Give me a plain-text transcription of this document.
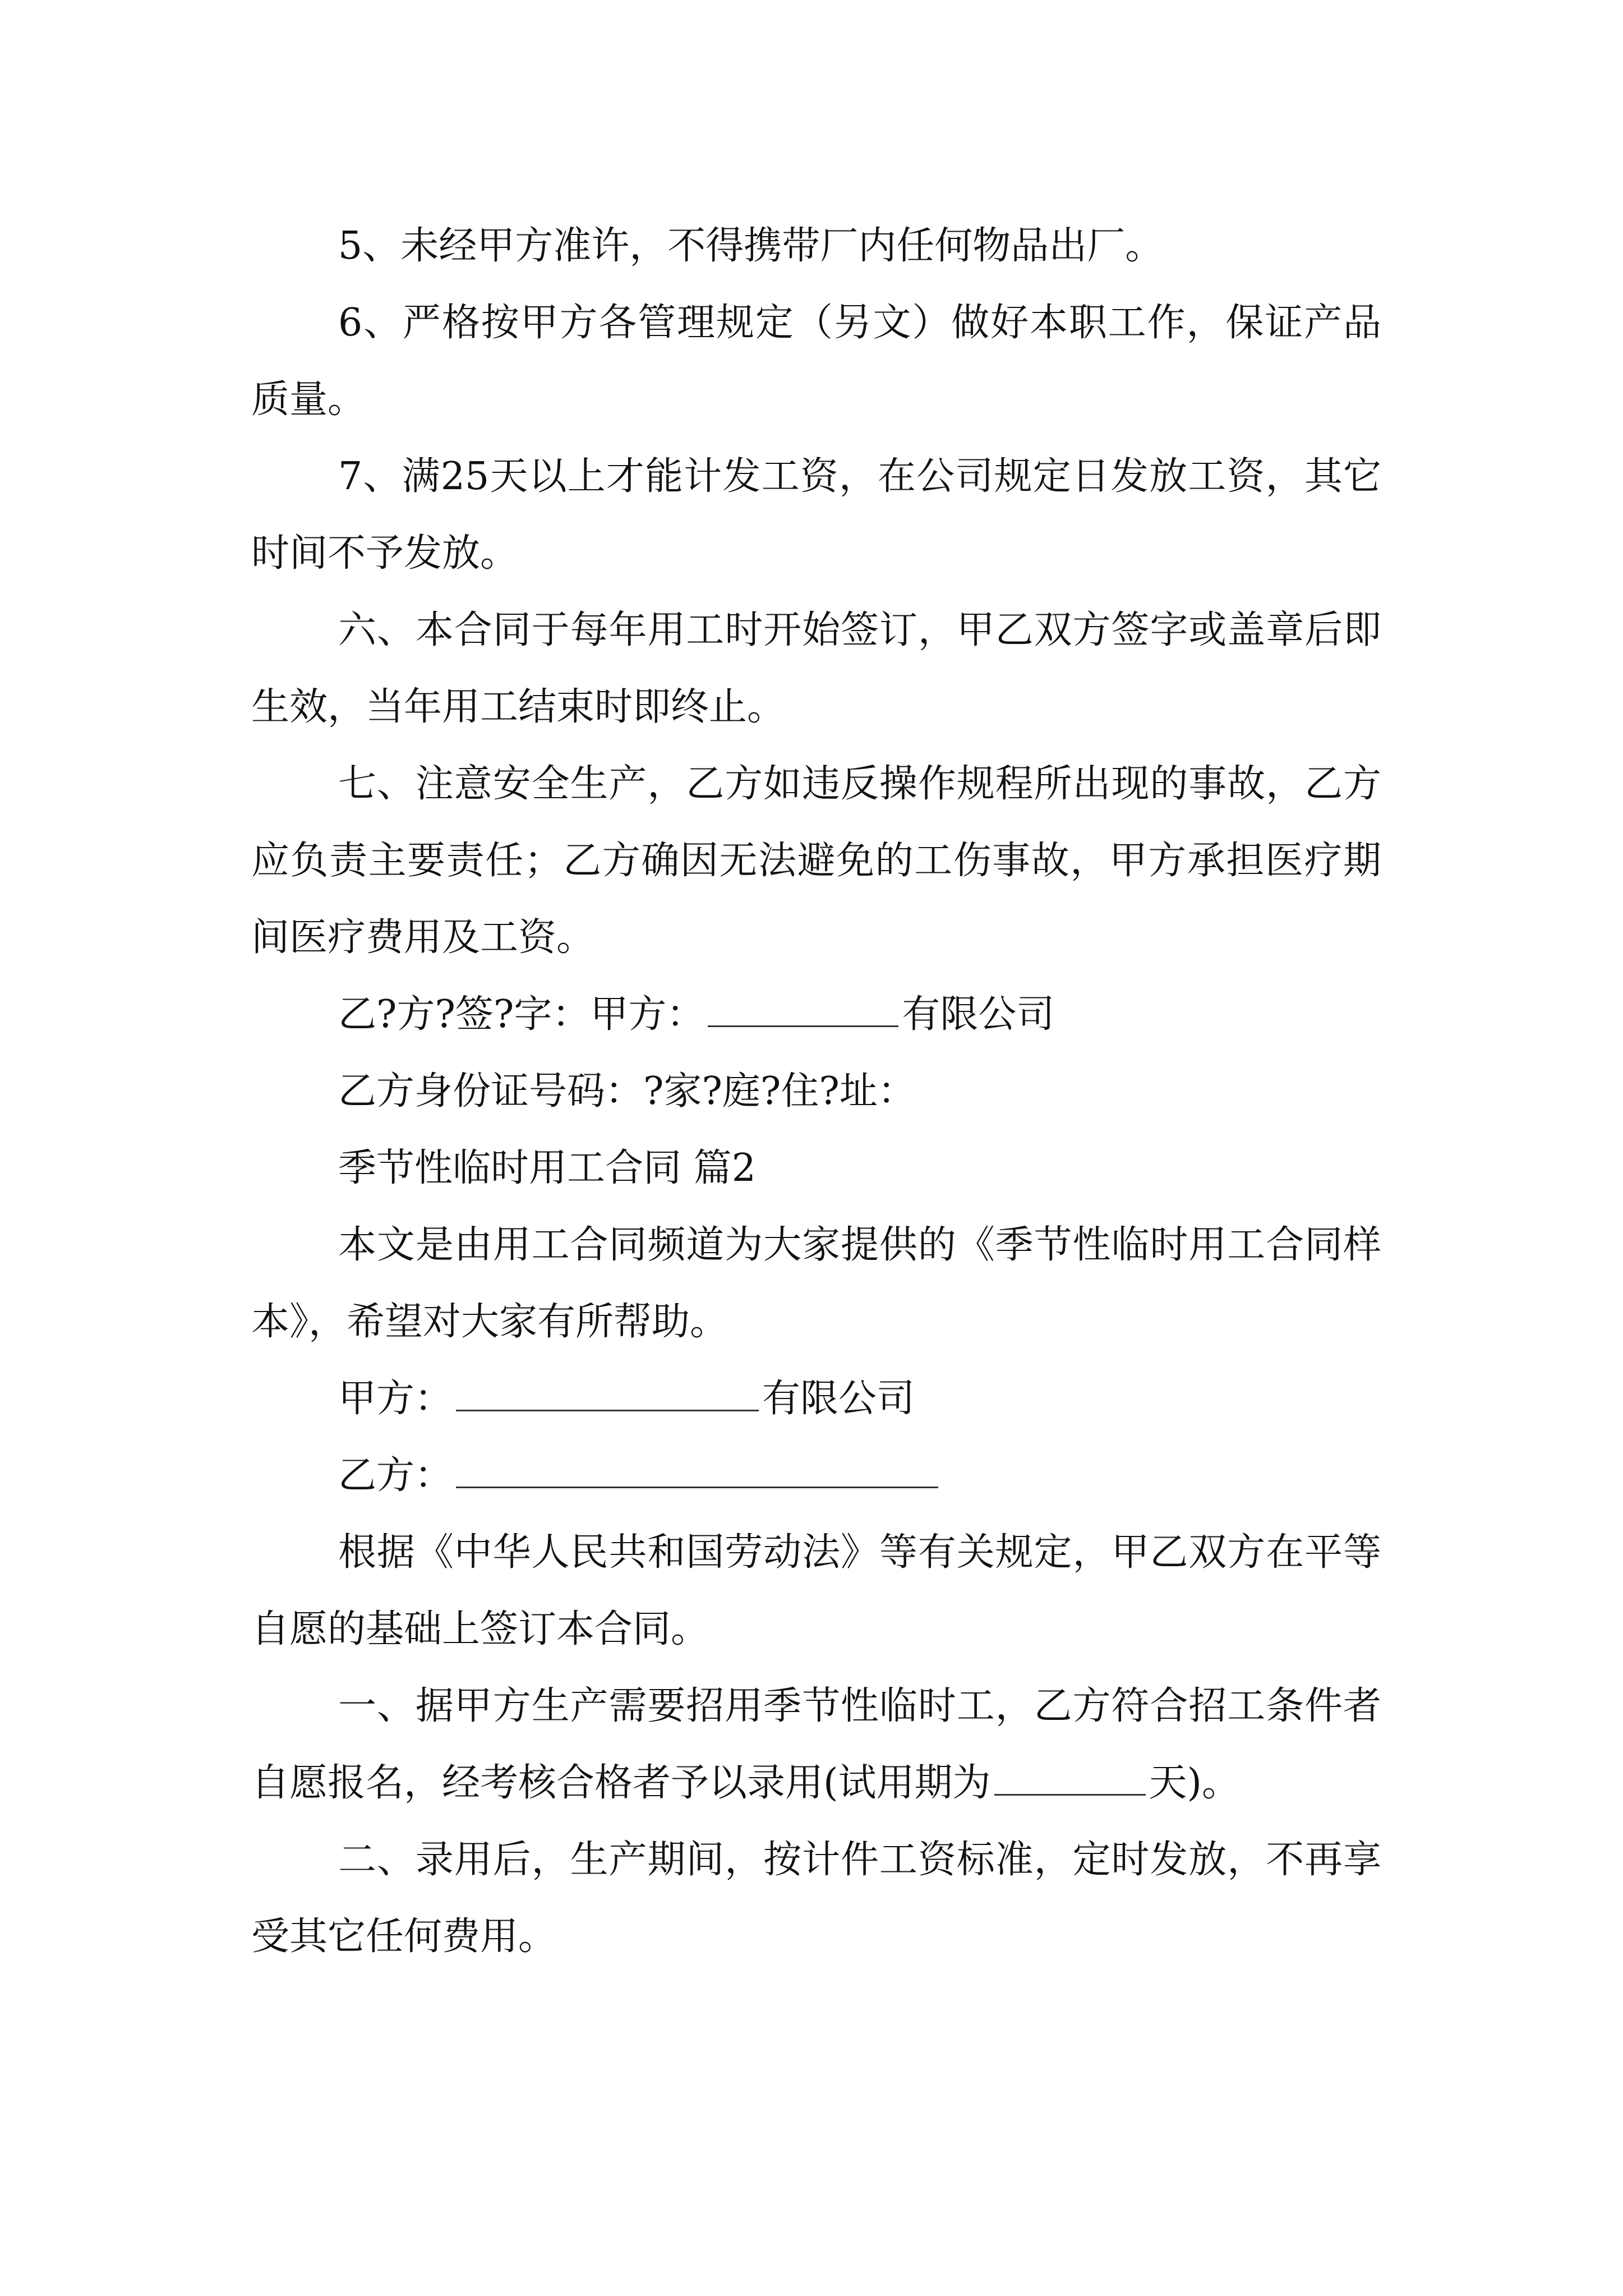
5、未经甲方准许，不得携带厂内任何物品出厂。

6、严格按甲方各管理规定（另文）做好本职工作，保证产品质量。

7、满25天以上才能计发工资，在公司规定日发放工资，其它时间不予发放。

六、本合同于每年用工时开始签订，甲乙双方签字或盖章后即生效，当年用工结束时即终止。

七、注意安全生产，乙方如违反操作规程所出现的事故，乙方应负责主要责任；乙方确因无法避免的工伤事故，甲方承担医疗期间医疗费用及工资。

乙?方?签?字：甲方：	有限公司

乙方身份证号码：?家?庭?住?址：

季节性临时用工合同 篇2

本文是由用工合同频道为大家提供的《季节性临时用工合同样本》，希望对大家有所帮助。

甲方：	有限公司

乙方：

根据《中华人民共和国劳动法》等有关规定，甲乙双方在平等自愿的基础上签订本合同。

一、据甲方生产需要招用季节性临时工，乙方符合招工条件者自愿报名，经考核合格者予以录用(试用期为	天)。

二、录用后，生产期间，按计件工资标准，定时发放，不再享受其它任何费用。
